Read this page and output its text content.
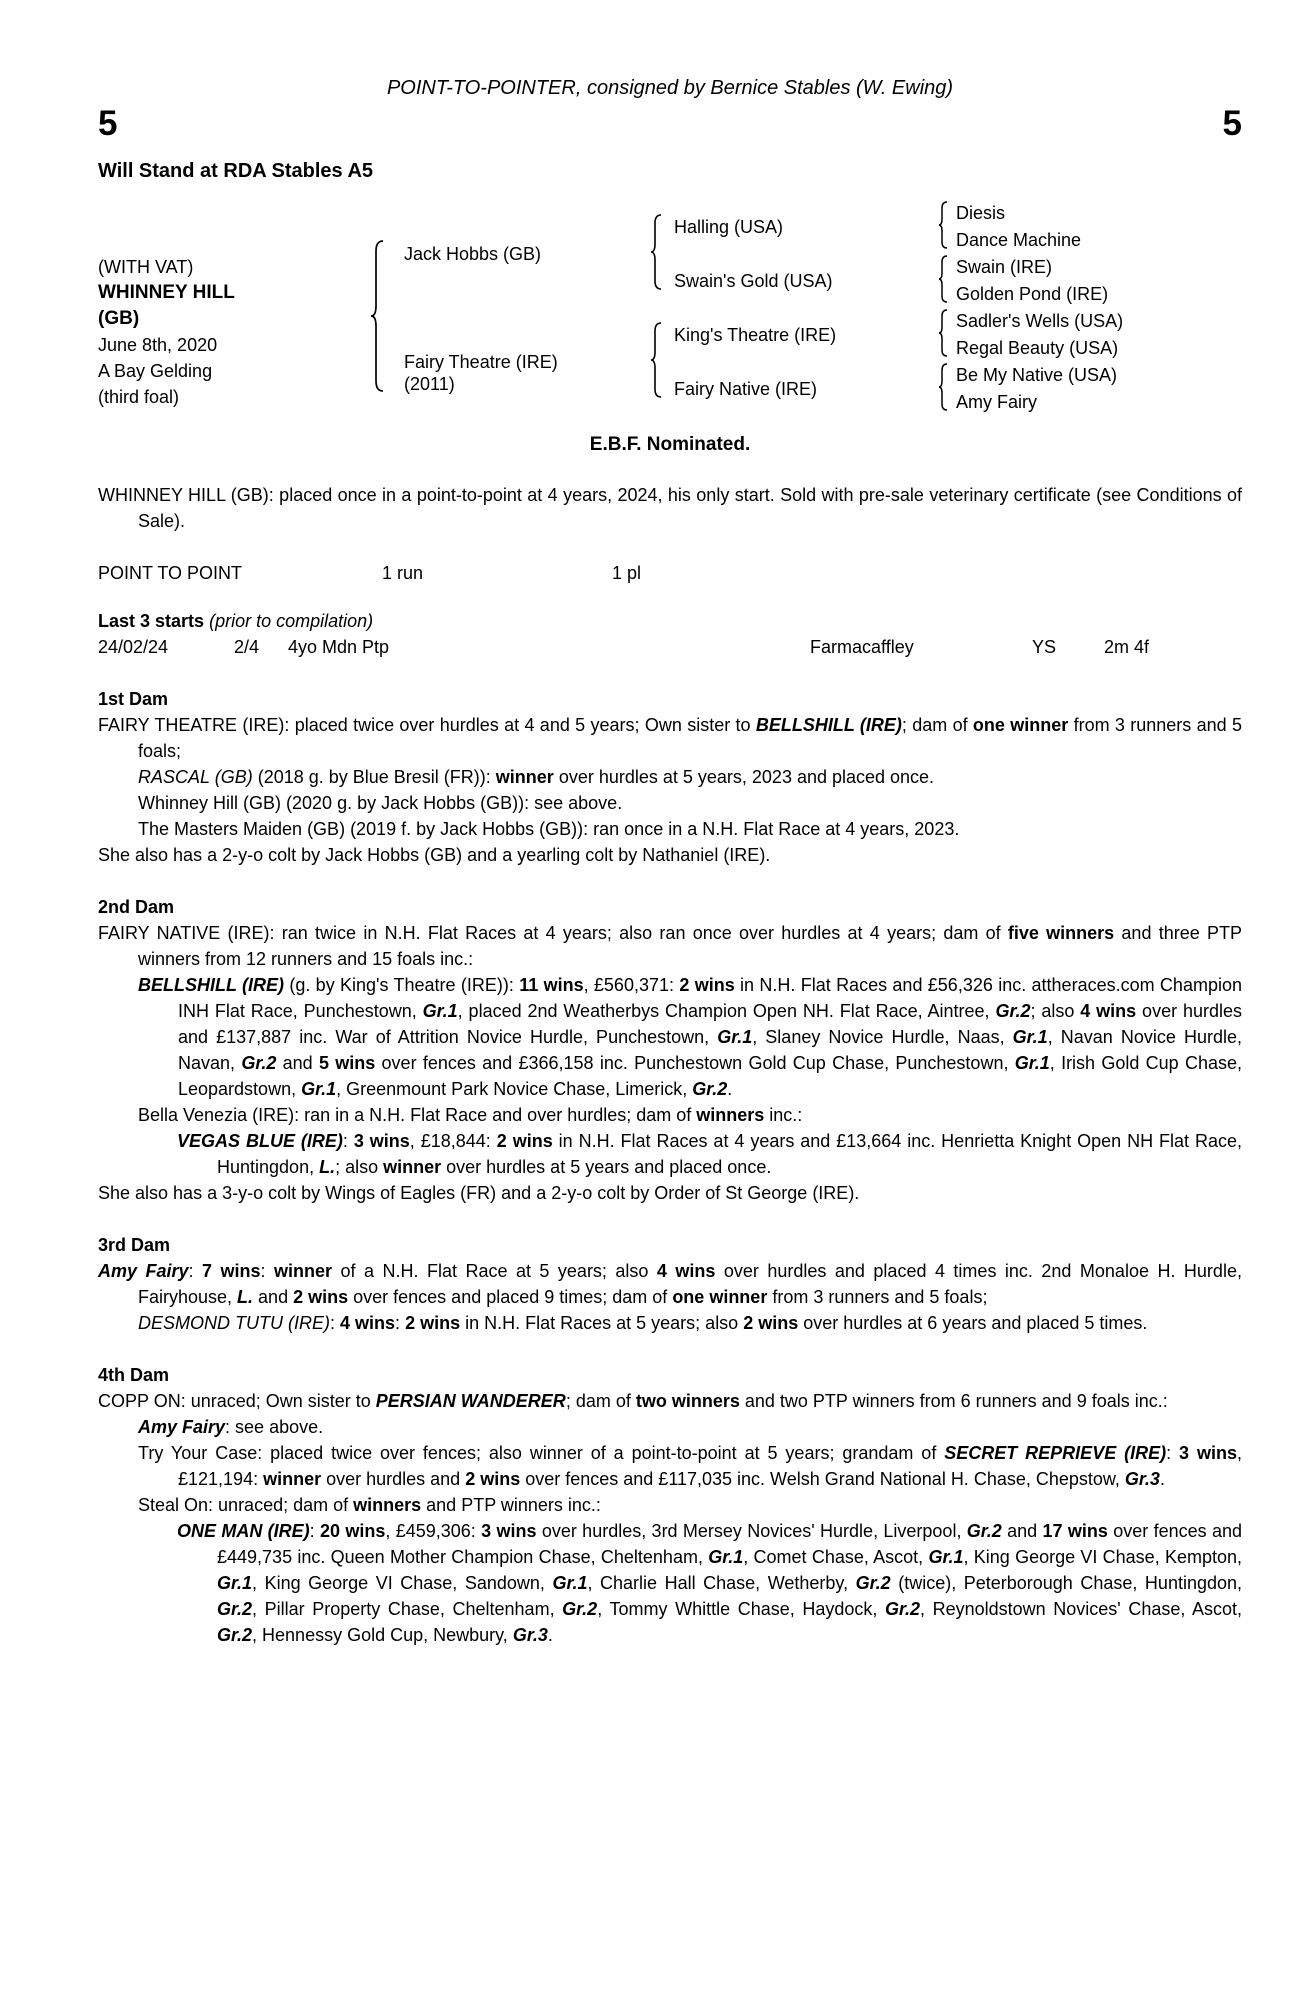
POINT-TO-POINTER, consigned by Bernice Stables (W. Ewing)
5	5
Will Stand at RDA Stables A5
(WITH VAT)
WHINNEY HILL
(GB)
June 8th, 2020
A Bay Gelding
(third foal)
Jack Hobbs (GB)
Fairy Theatre (IRE)
(2011)
Halling (USA)
Swain's Gold (USA)
King's Theatre (IRE)
Fairy Native (IRE)
Diesis
Dance Machine
Swain (IRE)
Golden Pond (IRE)
Sadler's Wells (USA)
Regal Beauty (USA)
Be My Native (USA)
Amy Fairy
E.B.F. Nominated.

WHINNEY HILL (GB): placed once in a point-to-point at 4 years, 2024, his only start. Sold with pre-sale veterinary certificate (see Conditions of Sale).

POINT TO POINT	1 run	1 pl
Last 3 starts (prior to compilation)
24/02/24	2/4 4yo Mdn Ptp	Farmacaffley	YS	2m 4f
1st Dam

FAIRY THEATRE (IRE): placed twice over hurdles at 4 and 5 years; Own sister to BELLSHILL (IRE); dam of one winner from 3 runners and 5 foals;

RASCAL (GB) (2018 g. by Blue Bresil (FR)): winner over hurdles at 5 years, 2023 and placed once.

Whinney Hill (GB) (2020 g. by Jack Hobbs (GB)): see above.

The Masters Maiden (GB) (2019 f. by Jack Hobbs (GB)): ran once in a N.H. Flat Race at 4 years, 2023.

She also has a 2-y-o colt by Jack Hobbs (GB) and a yearling colt by Nathaniel (IRE).

2nd Dam

FAIRY NATIVE (IRE): ran twice in N.H. Flat Races at 4 years; also ran once over hurdles at 4 years; dam of five winners and three PTP winners from 12 runners and 15 foals inc.:

BELLSHILL (IRE) (g. by King's Theatre (IRE)): 11 wins, £560,371: 2 wins in N.H. Flat Races and £56,326 inc. attheraces.com Champion INH Flat Race, Punchestown, Gr.1, placed 2nd Weatherbys Champion Open NH. Flat Race, Aintree, Gr.2; also 4 wins over hurdles and £137,887 inc. War of Attrition Novice Hurdle, Punchestown, Gr.1, Slaney Novice Hurdle, Naas, Gr.1, Navan Novice Hurdle, Navan, Gr.2 and 5 wins over fences and £366,158 inc. Punchestown Gold Cup Chase, Punchestown, Gr.1, Irish Gold Cup Chase, Leopardstown, Gr.1, Greenmount Park Novice Chase, Limerick, Gr.2.

Bella Venezia (IRE): ran in a N.H. Flat Race and over hurdles; dam of winners inc.:

VEGAS BLUE (IRE): 3 wins, £18,844: 2 wins in N.H. Flat Races at 4 years and £13,664 inc. Henrietta Knight Open NH Flat Race, Huntingdon, L.; also winner over hurdles at 5 years and placed once.

She also has a 3-y-o colt by Wings of Eagles (FR) and a 2-y-o colt by Order of St George (IRE).

3rd Dam

Amy Fairy: 7 wins: winner of a N.H. Flat Race at 5 years; also 4 wins over hurdles and placed 4 times inc. 2nd Monaloe H. Hurdle, Fairyhouse, L. and 2 wins over fences and placed 9 times; dam of one winner from 3 runners and 5 foals;

DESMOND TUTU (IRE): 4 wins: 2 wins in N.H. Flat Races at 5 years; also 2 wins over hurdles at 6 years and placed 5 times.

4th Dam

COPP ON: unraced; Own sister to PERSIAN WANDERER; dam of two winners and two PTP winners from 6 runners and 9 foals inc.:

Amy Fairy: see above.

Try Your Case: placed twice over fences; also winner of a point-to-point at 5 years; grandam of SECRET REPRIEVE (IRE): 3 wins, £121,194: winner over hurdles and 2 wins over fences and £117,035 inc. Welsh Grand National H. Chase, Chepstow, Gr.3.

Steal On: unraced; dam of winners and PTP winners inc.:

ONE MAN (IRE): 20 wins, £459,306: 3 wins over hurdles, 3rd Mersey Novices' Hurdle, Liverpool, Gr.2 and 17 wins over fences and £449,735 inc. Queen Mother Champion Chase, Cheltenham, Gr.1, Comet Chase, Ascot, Gr.1, King George VI Chase, Kempton, Gr.1, King George VI Chase, Sandown, Gr.1, Charlie Hall Chase, Wetherby, Gr.2 (twice), Peterborough Chase, Huntingdon, Gr.2, Pillar Property Chase, Cheltenham, Gr.2, Tommy Whittle Chase, Haydock, Gr.2, Reynoldstown Novices' Chase, Ascot, Gr.2, Hennessy Gold Cup, Newbury, Gr.3.
